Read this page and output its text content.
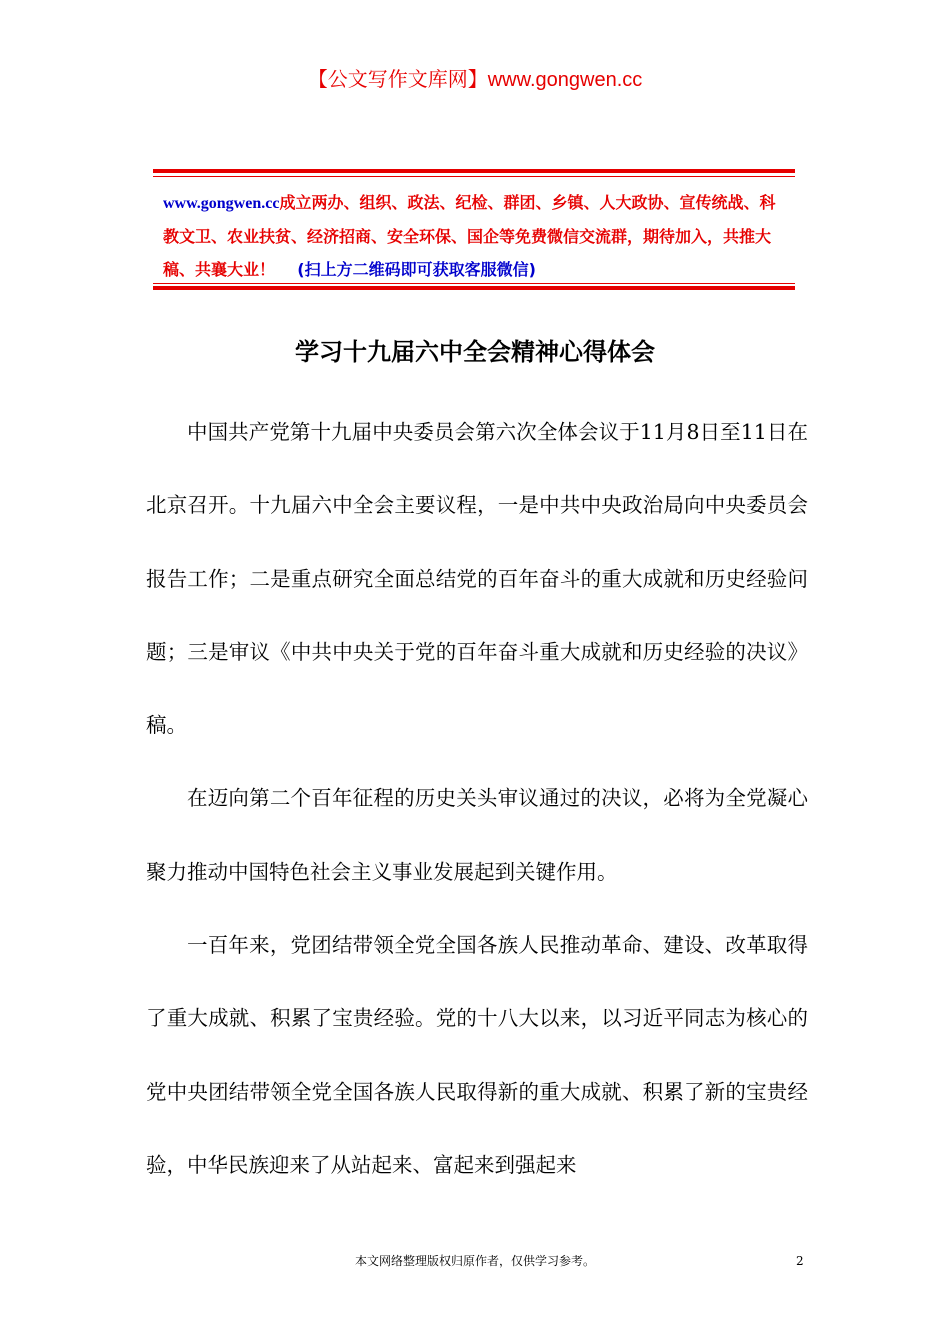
【公文写作文库网】www.gongwen.cc
www.gongwen.cc成立两办、组织、政法、纪检、群团、乡镇、人大政协、宣传统战、科教文卫、农业扶贫、经济招商、安全环保、国企等免费微信交流群，期待加入，共推大稿、共襄大业！ (扫上方二维码即可获取客服微信)
学习十九届六中全会精神心得体会

中国共产党第十九届中央委员会第六次全体会议于11月8日至11日在北京召开。十九届六中全会主要议程，一是中共中央政治局向中央委员会报告工作；二是重点研究全面总结党的百年奋斗的重大成就和历史经验问题；三是审议《中共中央关于党的百年奋斗重大成就和历史经验的决议》稿。

在迈向第二个百年征程的历史关头审议通过的决议，必将为全党凝心聚力推动中国特色社会主义事业发展起到关键作用。

一百年来，党团结带领全党全国各族人民推动革命、建设、改革取得了重大成就、积累了宝贵经验。党的十八大以来，以习近平同志为核心的党中央团结带领全党全国各族人民取得新的重大成就、积累了新的宝贵经验，中华民族迎来了从站起来、富起来到强起来

本文网络整理版权归原作者，仅供学习参考。	2
